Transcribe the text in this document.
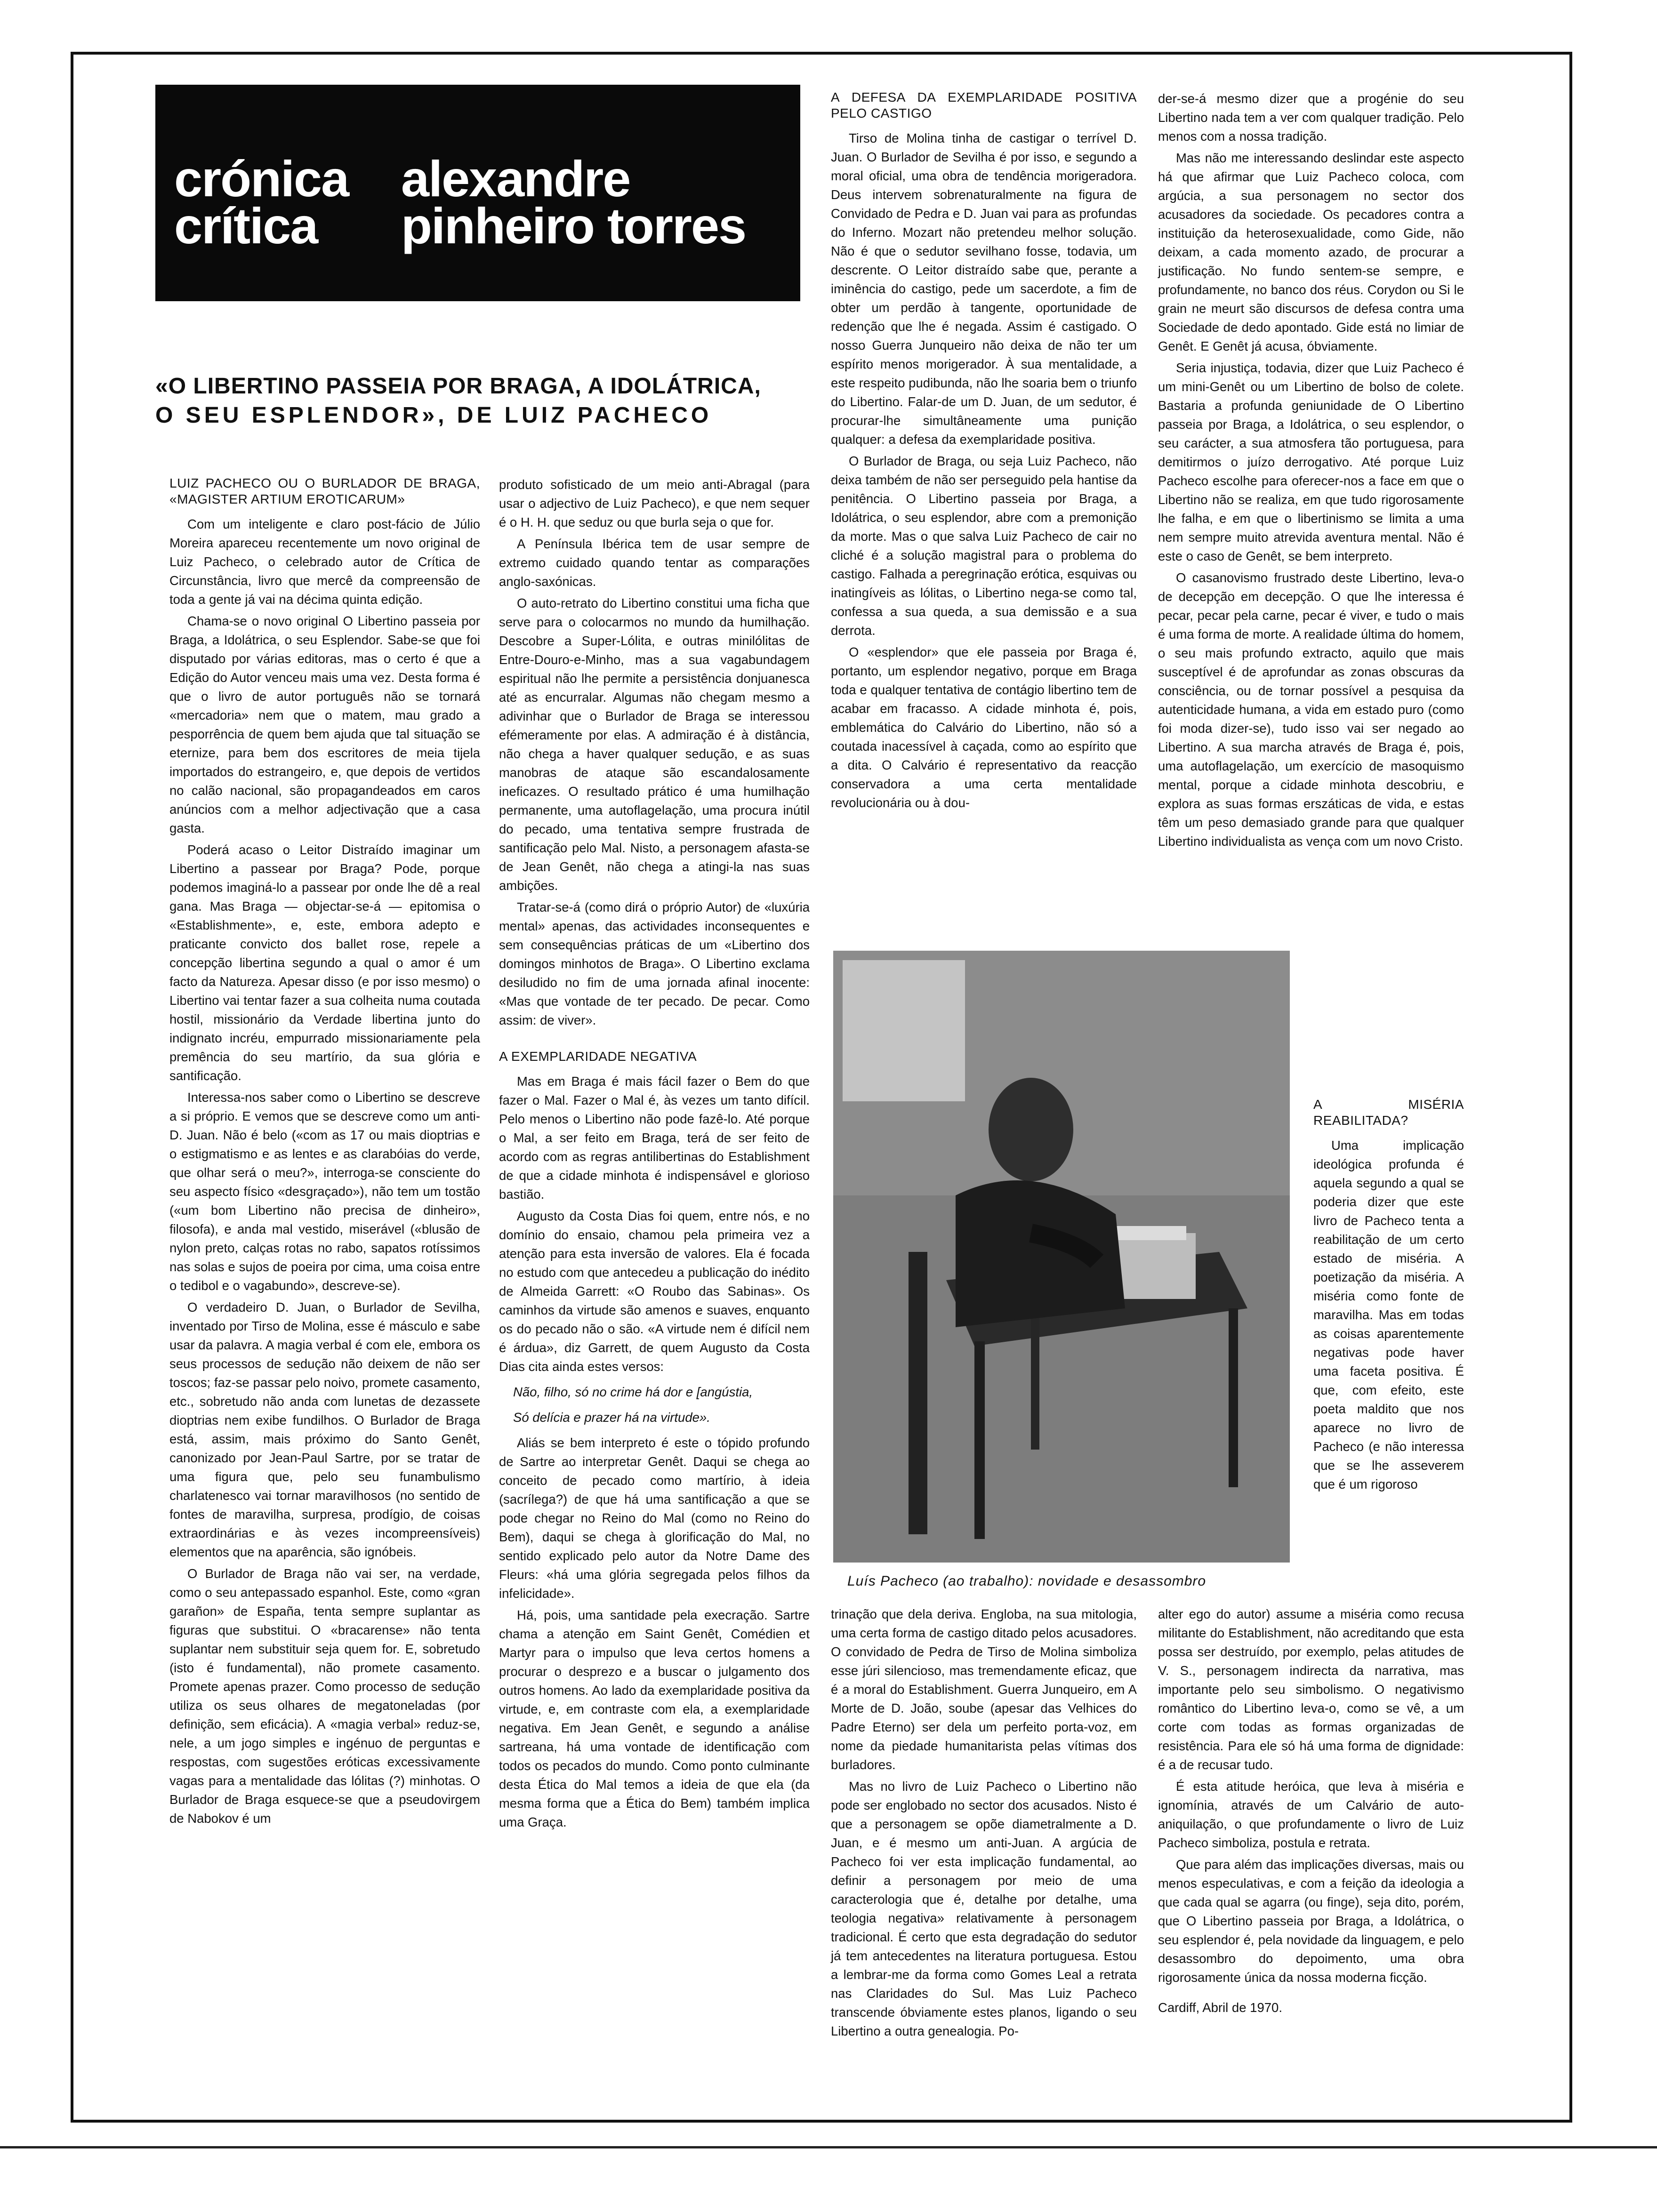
crónica
crítica
alexandre
pinheiro torres
«O LIBERTINO PASSEIA POR BRAGA, A IDOLÁTRICA,
O SEU ESPLENDOR», DE LUIZ PACHECO

LUIZ PACHECO OU O BURLADOR DE BRAGA, «MAGISTER ARTIUM EROTICARUM»

Com um inteligente e claro post-fácio de Júlio Moreira apareceu recentemente um novo original de Luiz Pacheco, o celebrado autor de Crítica de Circunstância, livro que mercê da compreensão de toda a gente já vai na décima quinta edição.

Chama-se o novo original O Libertino passeia por Braga, a Idolátrica, o seu Esplendor. Sabe-se que foi disputado por várias editoras, mas o certo é que a Edição do Autor venceu mais uma vez. Desta forma é que o livro de autor português não se tornará «mercadoria» nem que o matem, mau grado a pesporrência de quem bem ajuda que tal situação se eternize, para bem dos escritores de meia tijela importados do estrangeiro, e, que depois de vertidos no calão nacional, são propagandeados em caros anúncios com a melhor adjectivação que a casa gasta.

Poderá acaso o Leitor Distraído imaginar um Libertino a passear por Braga? Pode, porque podemos imaginá-lo a passear por onde lhe dê a real gana. Mas Braga — objectar-se-á — epitomisa o «Establishmente», e, este, embora adepto e praticante convicto dos ballet rose, repele a concepção libertina segundo a qual o amor é um facto da Natureza. Apesar disso (e por isso mesmo) o Libertino vai tentar fazer a sua colheita numa coutada hostil, missionário da Verdade libertina junto do indignato incréu, empurrado missionariamente pela premência do seu martírio, da sua glória e santificação.

Interessa-nos saber como o Libertino se descreve a si próprio. E vemos que se descreve como um anti-D. Juan. Não é belo («com as 17 ou mais dioptrias e o estigmatismo e as lentes e as clarabóias do verde, que olhar será o meu?», interroga-se consciente do seu aspecto físico «desgraçado»), não tem um tostão («um bom Libertino não precisa de dinheiro», filosofa), e anda mal vestido, miserável («blusão de nylon preto, calças rotas no rabo, sapatos rotíssimos nas solas e sujos de poeira por cima, uma coisa entre o tedibol e o vagabundo», descreve-se).

O verdadeiro D. Juan, o Burlador de Sevilha, inventado por Tirso de Molina, esse é másculo e sabe usar da palavra. A magia verbal é com ele, embora os seus processos de sedução não deixem de não ser toscos; faz-se passar pelo noivo, promete casamento, etc., sobretudo não anda com lunetas de dezassete dioptrias nem exibe fundilhos. O Burlador de Braga está, assim, mais próximo do Santo Genêt, canonizado por Jean-Paul Sartre, por se tratar de uma figura que, pelo seu funambulismo charlatenesco vai tornar maravilhosos (no sentido de fontes de maravilha, surpresa, prodígio, de coisas extraordinárias e às vezes incompreensíveis) elementos que na aparência, são ignóbeis.

O Burlador de Braga não vai ser, na verdade, como o seu antepassado espanhol. Este, como «gran garañon» de España, tenta sempre suplantar as figuras que substitui. O «bracarense» não tenta suplantar nem substituir seja quem for. E, sobretudo (isto é fundamental), não promete casamento. Promete apenas prazer. Como processo de sedução utiliza os seus olhares de megatoneladas (por definição, sem eficácia). A «magia verbal» reduz-se, nele, a um jogo simples e ingénuo de perguntas e respostas, com sugestões eróticas excessivamente vagas para a mentalidade das lólitas (?) minhotas. O Burlador de Braga esquece-se que a pseudovirgem de Nabokov é um

produto sofisticado de um meio anti-Abragal (para usar o adjectivo de Luiz Pacheco), e que nem sequer é o H. H. que seduz ou que burla seja o que for.

A Península Ibérica tem de usar sempre de extremo cuidado quando tentar as comparações anglo-saxónicas.

O auto-retrato do Libertino constitui uma ficha que serve para o colocarmos no mundo da humilhação. Descobre a Super-Lólita, e outras minilólitas de Entre-Douro-e-Minho, mas a sua vagabundagem espiritual não lhe permite a persistência donjuanesca até as encurralar. Algumas não chegam mesmo a adivinhar que o Burlador de Braga se interessou efémeramente por elas. A admiração é à distância, não chega a haver qualquer sedução, e as suas manobras de ataque são escandalosamente ineficazes. O resultado prático é uma humilhação permanente, uma autoflagelação, uma procura inútil do pecado, uma tentativa sempre frustrada de santificação pelo Mal. Nisto, a personagem afasta-se de Jean Genêt, não chega a atingi-la nas suas ambições.

Tratar-se-á (como dirá o próprio Autor) de «luxúria mental» apenas, das actividades inconsequentes e sem consequências práticas de um «Libertino dos domingos minhotos de Braga». O Libertino exclama desiludido no fim de uma jornada afinal inocente: «Mas que vontade de ter pecado. De pecar. Como assim: de viver».

A EXEMPLARIDADE NEGATIVA

Mas em Braga é mais fácil fazer o Bem do que fazer o Mal. Fazer o Mal é, às vezes um tanto difícil. Pelo menos o Libertino não pode fazê-lo. Até porque o Mal, a ser feito em Braga, terá de ser feito de acordo com as regras antilibertinas do Establishment de que a cidade minhota é indispensável e glorioso bastião.

Augusto da Costa Dias foi quem, entre nós, e no domínio do ensaio, chamou pela primeira vez a atenção para esta inversão de valores. Ela é focada no estudo com que antecedeu a publicação do inédito de Almeida Garrett: «O Roubo das Sabinas». Os caminhos da virtude são amenos e suaves, enquanto os do pecado não o são. «A virtude nem é difícil nem é árdua», diz Garrett, de quem Augusto da Costa Dias cita ainda estes versos:

Não, filho, só no crime há dor e [angústia,

Só delícia e prazer há na virtude».

Aliás se bem interpreto é este o tópido profundo de Sartre ao interpretar Genêt. Daqui se chega ao conceito de pecado como martírio, à ideia (sacrílega?) de que há uma santificação a que se pode chegar no Reino do Mal (como no Reino do Bem), daqui se chega à glorificação do Mal, no sentido explicado pelo autor da Notre Dame des Fleurs: «há uma glória segregada pelos filhos da infelicidade».

Há, pois, uma santidade pela execração. Sartre chama a atenção em Saint Genêt, Comédien et Martyr para o impulso que leva certos homens a procurar o desprezo e a buscar o julgamento dos outros homens. Ao lado da exemplaridade positiva da virtude, e, em contraste com ela, a exemplaridade negativa. Em Jean Genêt, e segundo a análise sartreana, há uma vontade de identificação com todos os pecados do mundo. Como ponto culminante desta Ética do Mal temos a ideia de que ela (da mesma forma que a Ética do Bem) também implica uma Graça.

A DEFESA DA EXEMPLARIDADE POSITIVA PELO CASTIGO

Tirso de Molina tinha de castigar o terrível D. Juan. O Burlador de Sevilha é por isso, e segundo a moral oficial, uma obra de tendência morigeradora. Deus intervem sobrenaturalmente na figura de Convidado de Pedra e D. Juan vai para as profundas do Inferno. Mozart não pretendeu melhor solução. Não é que o sedutor sevilhano fosse, todavia, um descrente. O Leitor distraído sabe que, perante a iminência do castigo, pede um sacerdote, a fim de obter um perdão à tangente, oportunidade de redenção que lhe é negada. Assim é castigado. O nosso Guerra Junqueiro não deixa de não ter um espírito menos morigerador. À sua mentalidade, a este respeito pudibunda, não lhe soaria bem o triunfo do Libertino. Falar-de um D. Juan, de um sedutor, é procurar-lhe simultâneamente uma punição qualquer: a defesa da exemplaridade positiva.

O Burlador de Braga, ou seja Luiz Pacheco, não deixa também de não ser perseguido pela hantise da penitência. O Libertino passeia por Braga, a Idolátrica, o seu esplendor, abre com a premonição da morte. Mas o que salva Luiz Pacheco de cair no cliché é a solução magistral para o problema do castigo. Falhada a peregrinação erótica, esquivas ou inatingíveis as lólitas, o Libertino nega-se como tal, confessa a sua queda, a sua demissão e a sua derrota.

O «esplendor» que ele passeia por Braga é, portanto, um esplendor negativo, porque em Braga toda e qualquer tentativa de contágio libertino tem de acabar em fracasso. A cidade minhota é, pois, emblemática do Calvário do Libertino, não só a coutada inacessível à caçada, como ao espírito que a dita. O Calvário é representativo da reacção conservadora a uma certa mentalidade revolucionária ou à dou-

der-se-á mesmo dizer que a progénie do seu Libertino nada tem a ver com qualquer tradição. Pelo menos com a nossa tradição.

Mas não me interessando deslindar este aspecto há que afirmar que Luiz Pacheco coloca, com argúcia, a sua personagem no sector dos acusadores da sociedade. Os pecadores contra a instituição da heterosexualidade, como Gide, não deixam, a cada momento azado, de procurar a justificação. No fundo sentem-se sempre, e profundamente, no banco dos réus. Corydon ou Si le grain ne meurt são discursos de defesa contra uma Sociedade de dedo apontado. Gide está no limiar de Genêt. E Genêt já acusa, óbviamente.

Seria injustiça, todavia, dizer que Luiz Pacheco é um mini-Genêt ou um Libertino de bolso de colete. Bastaria a profunda geniunidade de O Libertino passeia por Braga, a Idolátrica, o seu esplendor, o seu carácter, a sua atmosfera tão portuguesa, para demitirmos o juízo derrogativo. Até porque Luiz Pacheco escolhe para oferecer-nos a face em que o Libertino não se realiza, em que tudo rigorosamente lhe falha, e em que o libertinismo se limita a uma nem sempre muito atrevida aventura mental. Não é este o caso de Genêt, se bem interpreto.

O casanovismo frustrado deste Libertino, leva-o de decepção em decepção. O que lhe interessa é pecar, pecar pela carne, pecar é viver, e tudo o mais é uma forma de morte. A realidade última do homem, o seu mais profundo extracto, aquilo que mais susceptível é de aprofundar as zonas obscuras da consciência, ou de tornar possível a pesquisa da autenticidade humana, a vida em estado puro (como foi moda dizer-se), tudo isso vai ser negado ao Libertino. A sua marcha através de Braga é, pois, uma autoflagelação, um exercício de masoquismo mental, porque a cidade minhota descobriu, e explora as suas formas erszáticas de vida, e estas têm um peso demasiado grande para que qualquer Libertino individualista as vença com um novo Cristo.

Luís Pacheco (ao trabalho): novidade e desassombro

trinação que dela deriva. Engloba, na sua mitologia, uma certa forma de castigo ditado pelos acusadores. O convidado de Pedra de Tirso de Molina simboliza esse júri silencioso, mas tremendamente eficaz, que é a moral do Establishment. Guerra Junqueiro, em A Morte de D. João, soube (apesar das Velhices do Padre Eterno) ser dela um perfeito porta-voz, em nome da piedade humanitarista pelas vítimas dos burladores.

Mas no livro de Luiz Pacheco o Libertino não pode ser englobado no sector dos acusados. Nisto é que a personagem se opõe diametralmente a D. Juan, e é mesmo um anti-Juan. A argúcia de Pacheco foi ver esta implicação fundamental, ao definir a personagem por meio de uma caracterologia que é, detalhe por detalhe, uma teologia negativa» relativamente à personagem tradicional. É certo que esta degradação do sedutor já tem antecedentes na literatura portuguesa. Estou a lembrar-me da forma como Gomes Leal a retrata nas Claridades do Sul. Mas Luiz Pacheco transcende óbviamente estes planos, ligando o seu Libertino a outra genealogia. Po-

A MISÉRIA REABILITADA?

Uma implicação ideológica profunda é aquela segundo a qual se poderia dizer que este livro de Pacheco tenta a reabilitação de um certo estado de miséria. A poetização da miséria. A miséria como fonte de maravilha. Mas em todas as coisas aparentemente negativas pode haver uma faceta positiva. É que, com efeito, este poeta maldito que nos aparece no livro de Pacheco (e não interessa que se lhe asseverem que é um rigoroso

alter ego do autor) assume a miséria como recusa militante do Establishment, não acreditando que esta possa ser destruído, por exemplo, pelas atitudes de V. S., personagem indirecta da narrativa, mas importante pelo seu simbolismo. O negativismo romântico do Libertino leva-o, como se vê, a um corte com todas as formas organizadas de resistência. Para ele só há uma forma de dignidade: é a de recusar tudo.

É esta atitude heróica, que leva à miséria e ignomínia, através de um Calvário de auto-aniquilação, o que profundamente o livro de Luiz Pacheco simboliza, postula e retrata.

Que para além das implicações diversas, mais ou menos especulativas, e com a feição da ideologia a que cada qual se agarra (ou finge), seja dito, porém, que O Libertino passeia por Braga, a Idolátrica, o seu esplendor é, pela novidade da linguagem, e pelo desassombro do depoimento, uma obra rigorosamente única da nossa moderna ficção.

Cardiff, Abril de 1970.
